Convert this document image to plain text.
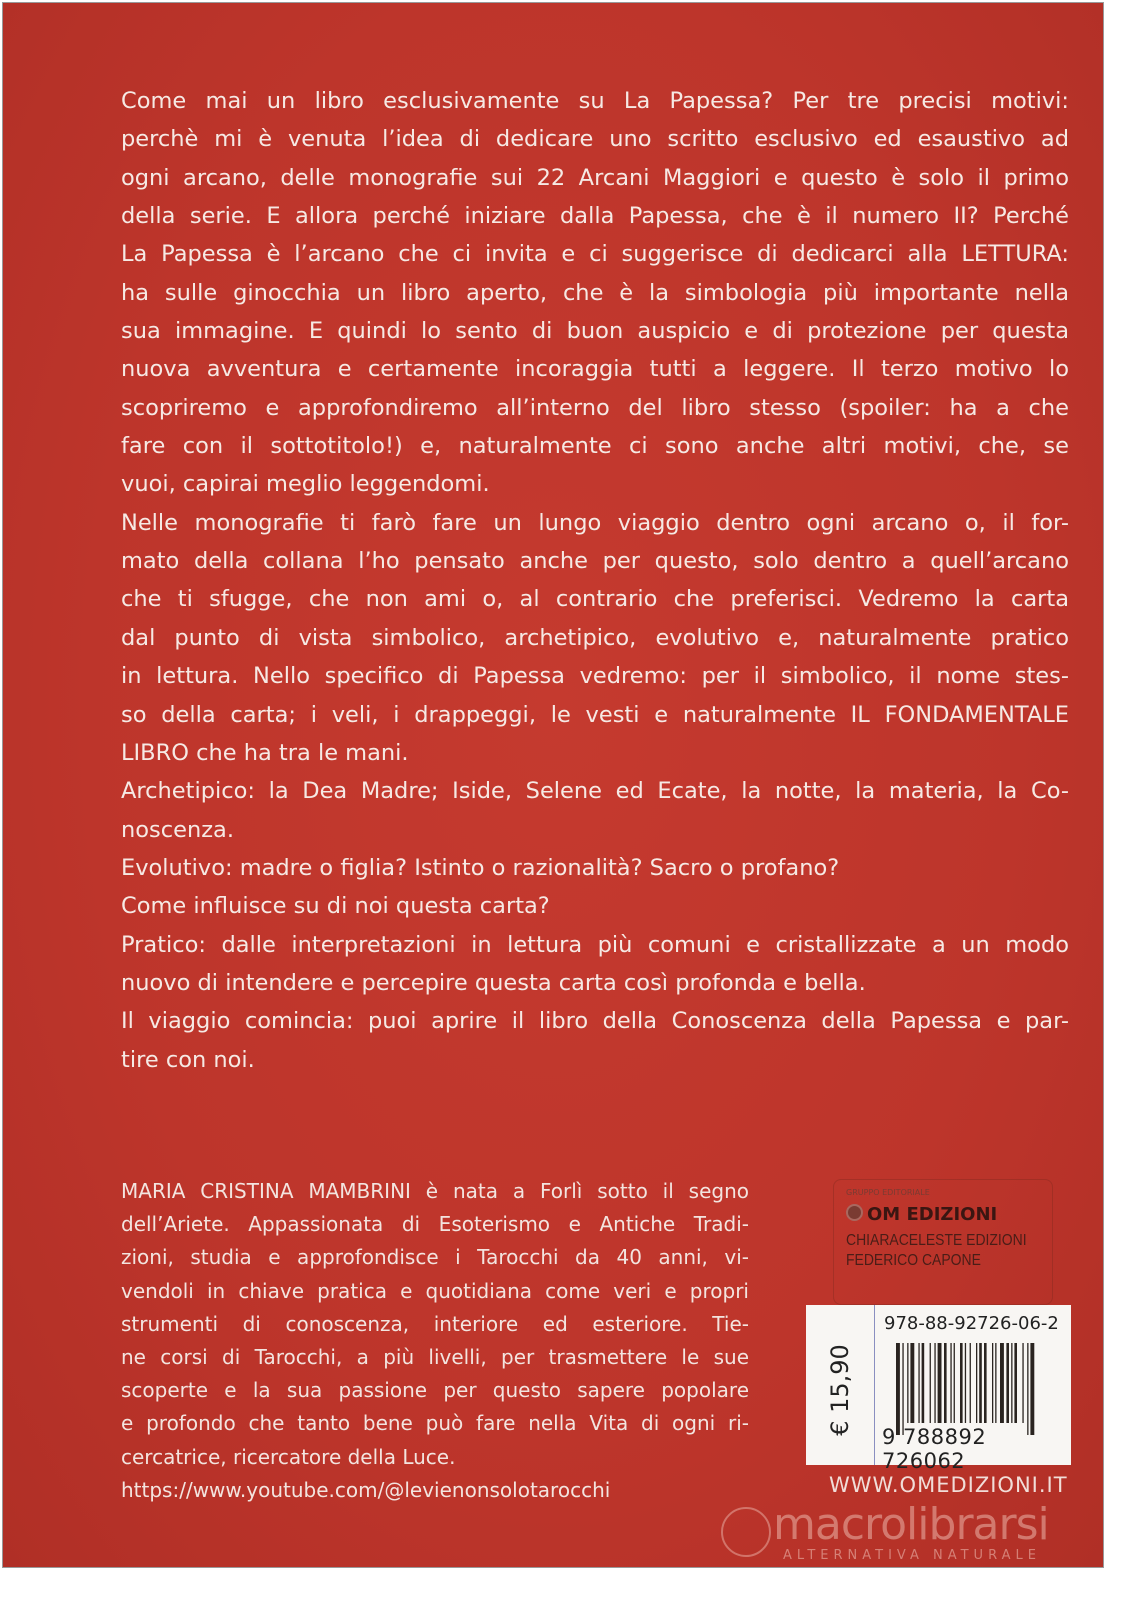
Come mai un libro esclusivamente su La Papessa? Per tre precisi motivi:
perchè mi è venuta l’idea di dedicare uno scritto esclusivo ed esaustivo ad
ogni arcano, delle monografie sui 22 Arcani Maggiori e questo è solo il primo
della serie. E allora perché iniziare dalla Papessa, che è il numero II? Perché
La Papessa è l’arcano che ci invita e ci suggerisce di dedicarci alla LETTURA:
ha sulle ginocchia un libro aperto, che è la simbologia più importante nella
sua immagine. E quindi lo sento di buon auspicio e di protezione per questa
nuova avventura e certamente incoraggia tutti a leggere. Il terzo motivo lo
scopriremo e approfondiremo all’interno del libro stesso (spoiler: ha a che
fare con il sottotitolo!) e, naturalmente ci sono anche altri motivi, che, se
vuoi, capirai meglio leggendomi.
Nelle monografie ti farò fare un lungo viaggio dentro ogni arcano o, il for-
mato della collana l’ho pensato anche per questo, solo dentro a quell’arcano
che ti sfugge, che non ami o, al contrario che preferisci. Vedremo la carta
dal punto di vista simbolico, archetipico, evolutivo e, naturalmente pratico
in lettura. Nello specifico di Papessa vedremo: per il simbolico, il nome stes-
so della carta; i veli, i drappeggi, le vesti e naturalmente IL FONDAMENTALE
LIBRO che ha tra le mani.
Archetipico: la Dea Madre; Iside, Selene ed Ecate, la notte, la materia, la Co-
noscenza.
Evolutivo: madre o figlia? Istinto o razionalità? Sacro o profano?
Come influisce su di noi questa carta?
Pratico: dalle interpretazioni in lettura più comuni e cristallizzate a un modo
nuovo di intendere e percepire questa carta così profonda e bella.
Il viaggio comincia: puoi aprire il libro della Conoscenza della Papessa e par-
tire con noi.
MARIA CRISTINA MAMBRINI è nata a Forlì sotto il segno
dell’Ariete. Appassionata di Esoterismo e Antiche Tradi-
zioni, studia e approfondisce i Tarocchi da 40 anni, vi-
vendoli in chiave pratica e quotidiana come veri e propri
strumenti di conoscenza, interiore ed esteriore. Tie-
ne corsi di Tarocchi, a più livelli, per trasmettere le sue
scoperte e la sua passione per questo sapere popolare
e profondo che tanto bene può fare nella Vita di ogni ri-
cercatrice, ricercatore della Luce.
https://www.youtube.com/@levienonsolotarocchi
GRUPPO EDITORIALE
OM EDIZIONI
CHIARACELESTE EDIZIONI
FEDERICO CAPONE
€ 15,90
978-88-92726-06-2
9 788892 726062
WWW.OMEDIZIONI.IT
macrolibrarsi
ALTERNATIVA NATURALE
